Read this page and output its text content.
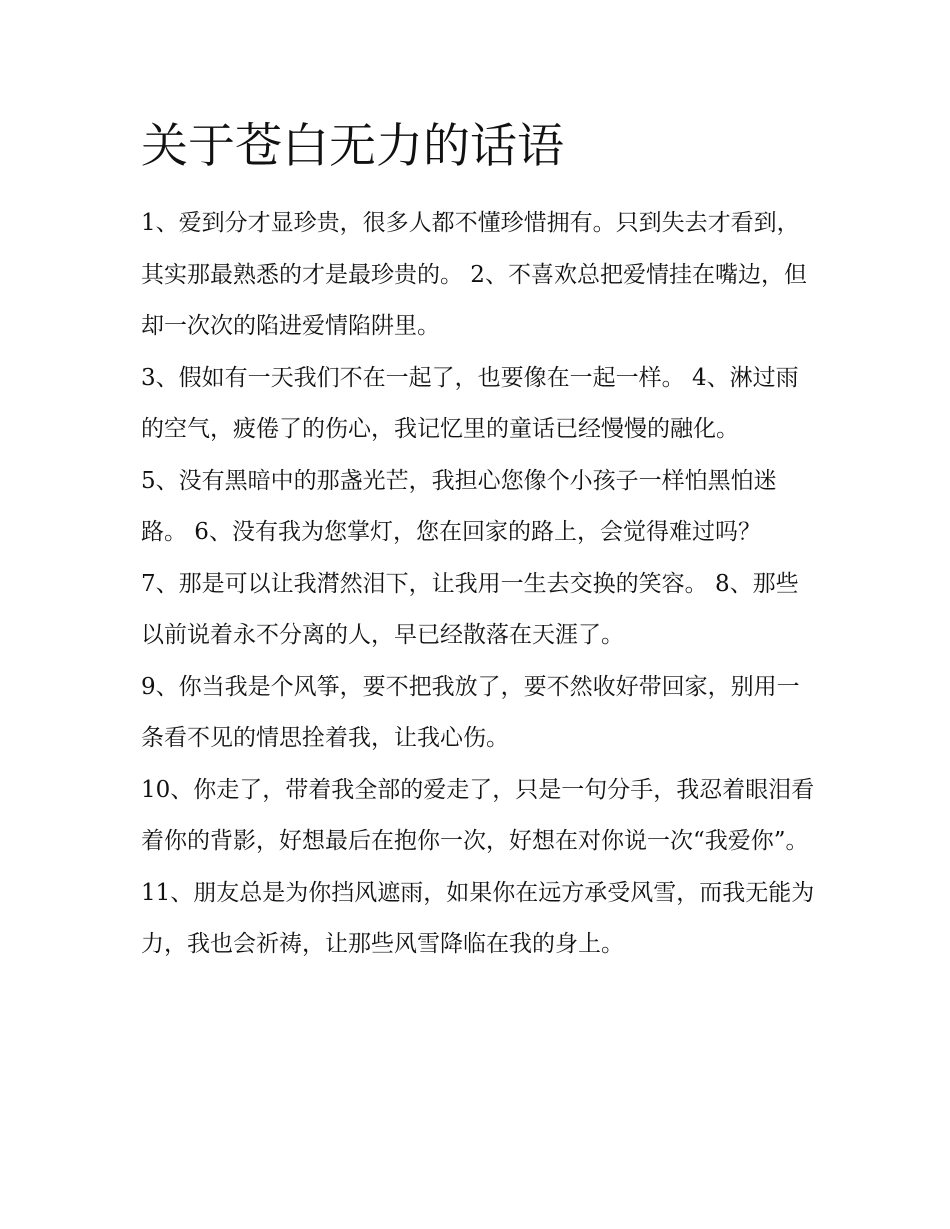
关于苍白无力的话语

1、爱到分才显珍贵，很多人都不懂珍惜拥有。只到失去才看到，其实那最熟悉的才是最珍贵的。 2、不喜欢总把爱情挂在嘴边，但却一次次的陷进爱情陷阱里。

3、假如有一天我们不在一起了，也要像在一起一样。 4、淋过雨的空气，疲倦了的伤心，我记忆里的童话已经慢慢的融化。

5、没有黑暗中的那盏光芒，我担心您像个小孩子一样怕黑怕迷路。 6、没有我为您掌灯，您在回家的路上，会觉得难过吗？

7、那是可以让我潸然泪下，让我用一生去交换的笑容。 8、那些以前说着永不分离的人，早已经散落在天涯了。

9、你当我是个风筝，要不把我放了，要不然收好带回家，别用一条看不见的情思拴着我，让我心伤。

10、你走了，带着我全部的爱走了，只是一句分手，我忍着眼泪看着你的背影，好想最后在抱你一次，好想在对你说一次“我爱你”。

11、朋友总是为你挡风遮雨，如果你在远方承受风雪，而我无能为力，我也会祈祷，让那些风雪降临在我的身上。
